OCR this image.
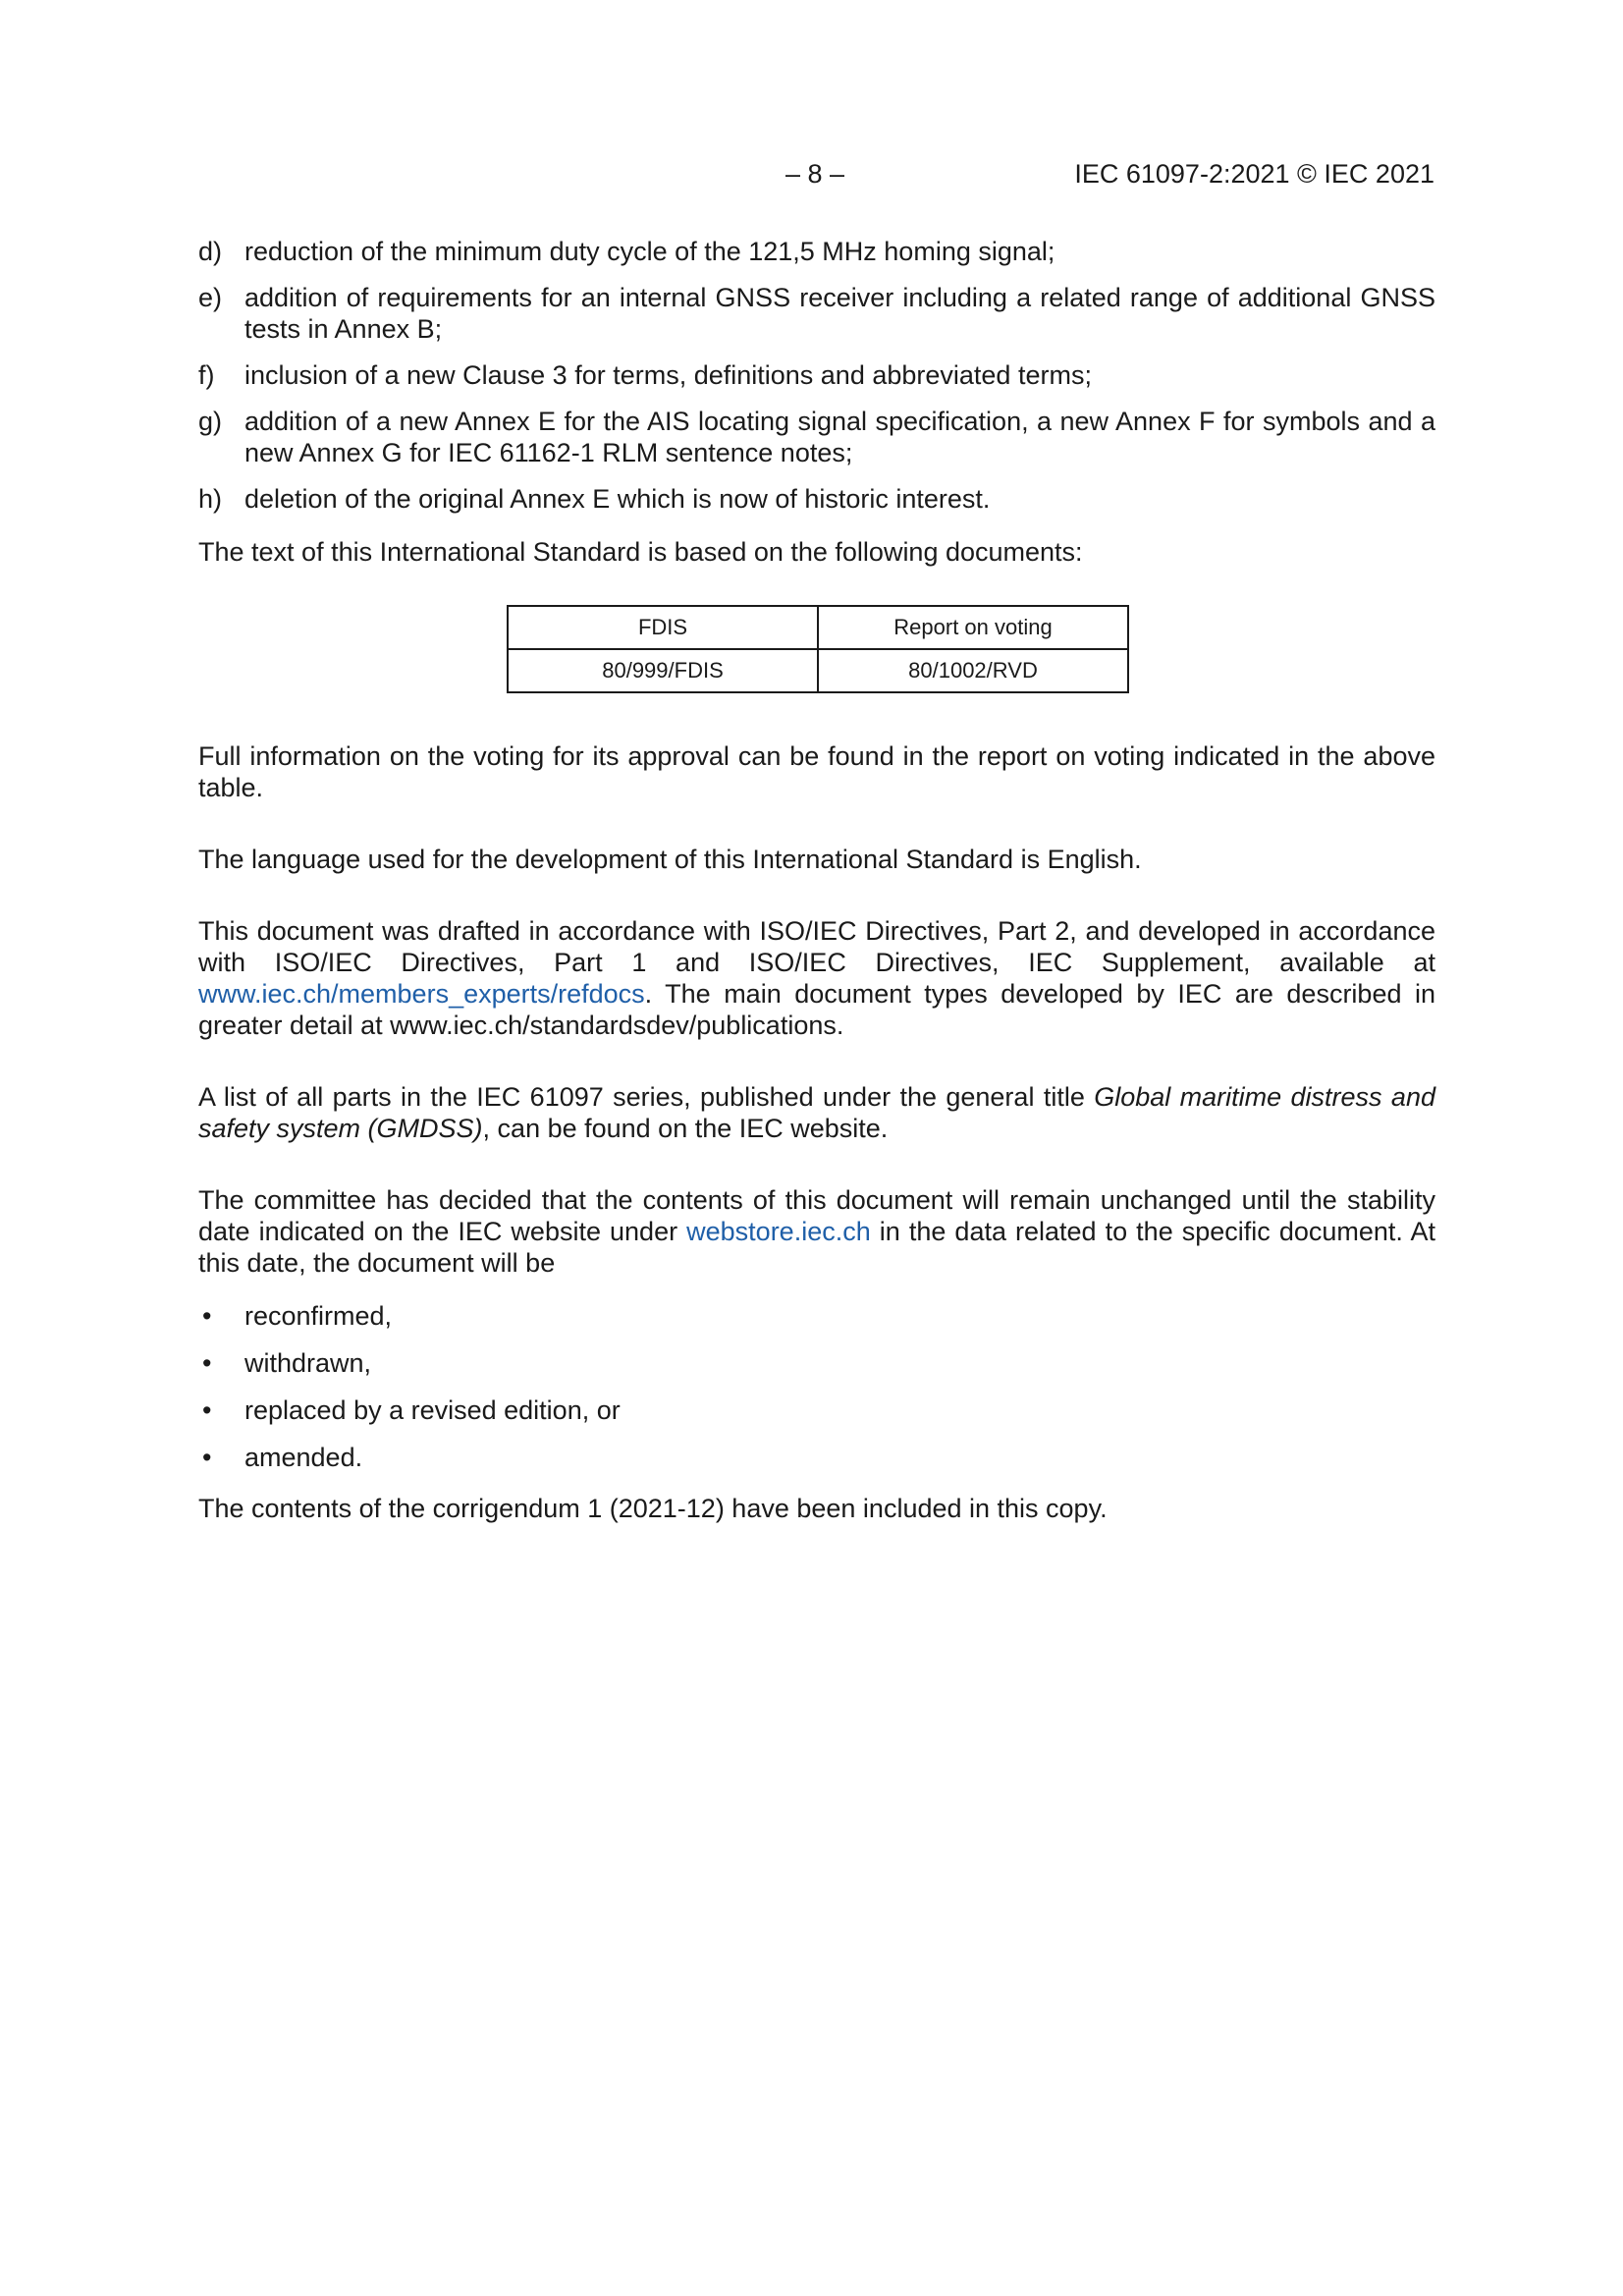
– 8 –	IEC 61097-2:2021 © IEC 2021
d) reduction of the minimum duty cycle of the 121,5 MHz homing signal;
e) addition of requirements for an internal GNSS receiver including a related range of additional GNSS tests in Annex B;
f)	inclusion of a new Clause 3 for terms, definitions and abbreviated terms;
g) addition of a new Annex E for the AIS locating signal specification, a new Annex F for symbols and a new Annex G for IEC 61162-1 RLM sentence notes;
h) deletion of the original Annex E which is now of historic interest.

The text of this International Standard is based on the following documents:

FDIS	Report on voting
80/999/FDIS	80/1002/RVD

Full information on the voting for its approval can be found in the report on voting indicated in the above table.

The language used for the development of this International Standard is English.

This document was drafted in accordance with ISO/IEC Directives, Part 2, and developed in accordance with ISO/IEC Directives, Part 1 and ISO/IEC Directives, IEC Supplement, available at www.iec.ch/members_experts/refdocs. The main document types developed by IEC are described in greater detail at www.iec.ch/standardsdev/publications.

A list of all parts in the IEC 61097 series, published under the general title Global maritime distress and safety system (GMDSS), can be found on the IEC website.

The committee has decided that the contents of this document will remain unchanged until the stability date indicated on the IEC website under webstore.iec.ch in the data related to the specific document. At this date, the document will be

•	reconfirmed,
•	withdrawn,
•	replaced by a revised edition, or
•	amended.

The contents of the corrigendum 1 (2021-12) have been included in this copy.
